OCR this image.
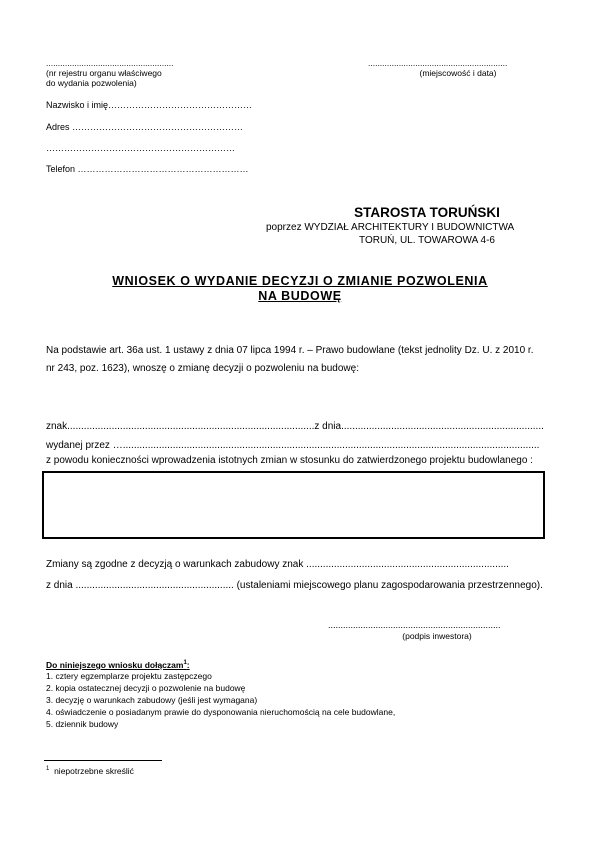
......................................................
(nr rejestru organu właściwego
do wydania pozwolenia)
...........................................................
(miejscowość i data)
Nazwisko i imię…………………………………………
Adres …………………………………………………
………………………………………………………
Telefon …………………………………………………
STAROSTA TORUŃSKI
poprzez WYDZIAŁ ARCHITEKTURY I BUDOWNICTWA
TORUŃ, UL. TOWAROWA 4-6
WNIOSEK O WYDANIE DECYZJI O ZMIANIE POZWOLENIA
NA BUDOWĘ
Na podstawie art. 36a ust. 1 ustawy z dnia 07 lipca 1994 r. – Prawo budowlane (tekst jednolity Dz. U. z 2010 r.
nr 243, poz. 1623), wnoszę o zmianę decyzji o pozwoleniu na budowę:
znak.........................................................................................z dnia.........................................................................
wydanej przez …......................................................................................................................................................
z powodu konieczności wprowadzenia istotnych zmian w stosunku do zatwierdzonego projektu budowlanego :
Zmiany są zgodne z decyzją o warunkach zabudowy znak .........................................................................
z dnia ......................................................... (ustaleniami miejscowego planu zagospodarowania przestrzennego).
.....................................................................
(podpis inwestora)
Do niniejszego wniosku dołączam$^1$:
1. cztery egzemplarze projektu zastępczego
2. kopia ostatecznej decyzji o pozwolenie na budowę
3. decyzję o warunkach zabudowy (jeśli jest wymagana)
4. oświadczenie o posiadanym prawie do dysponowania nieruchomością na cele budowlane,
5. dziennik budowy
$^1$ niepotrzebne skreślić
